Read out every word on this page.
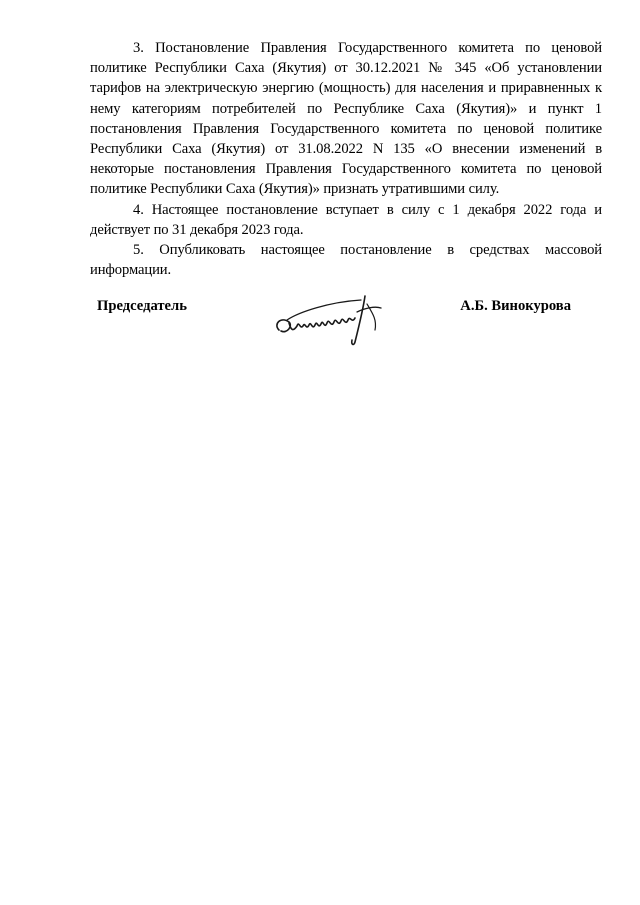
3. Постановление Правления Государственного комитета по ценовой политике Республики Саха (Якутия) от 30.12.2021 № 345 «Об установлении тарифов на электрическую энергию (мощность) для населения и приравненных к нему категориям потребителей по Республике Саха (Якутия)» и пункт 1 постановления Правления Государственного комитета по ценовой политике Республики Саха (Якутия) от 31.08.2022 N 135 «О внесении изменений в некоторые постановления Правления Государственного комитета по ценовой политике Республики Саха (Якутия)» признать утратившими силу.

4. Настоящее постановление вступает в силу с 1 декабря 2022 года и действует по 31 декабря 2023 года.

5. Опубликовать настоящее постановление в средствах массовой информации.

Председатель	А.Б. Винокурова
